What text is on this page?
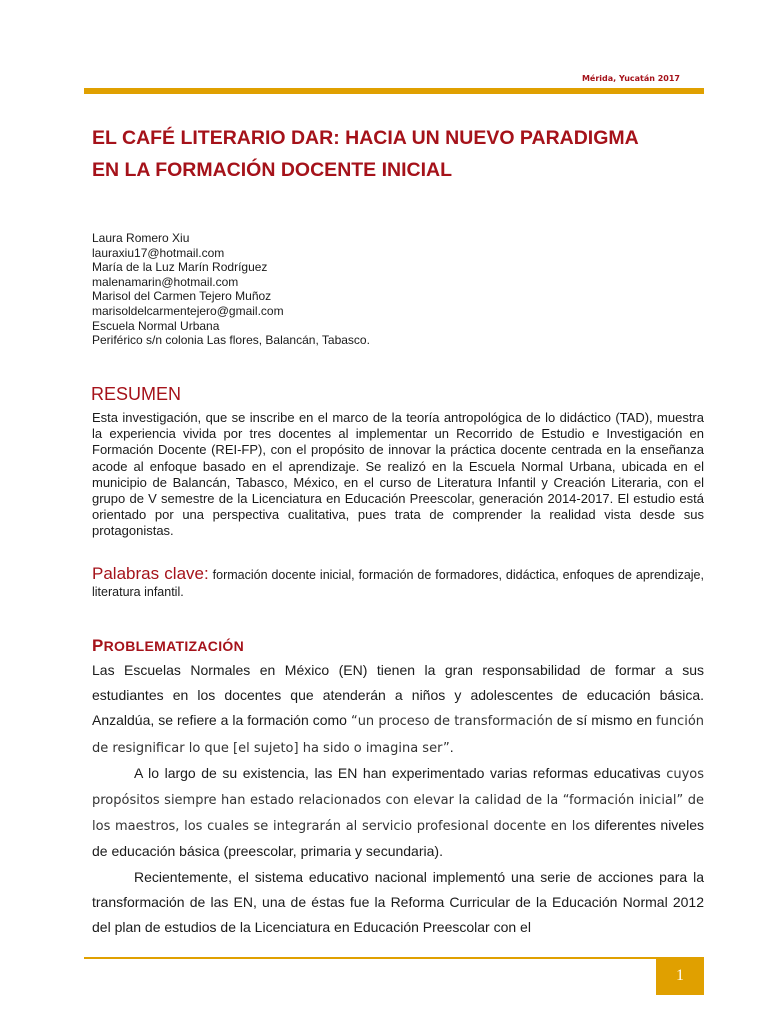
Mérida, Yucatán 2017
EL CAFÉ LITERARIO DAR: HACIA UN NUEVO PARADIGMA
EN LA FORMACIÓN DOCENTE INICIAL
Laura Romero Xiu
lauraxiu17@hotmail.com
María de la Luz Marín Rodríguez
malenamarin@hotmail.com
Marisol del Carmen Tejero Muñoz
marisoldelcarmentejero@gmail.com
Escuela Normal Urbana
Periférico s/n colonia Las flores, Balancán, Tabasco.
RESUMEN
Esta investigación, que se inscribe en el marco de la teoría antropológica de lo didáctico (TAD), muestra la experiencia vivida por tres docentes al implementar un Recorrido de Estudio e Investigación en Formación Docente (REI-FP), con el propósito de innovar la práctica docente centrada en la enseñanza acode al enfoque basado en el aprendizaje. Se realizó en la Escuela Normal Urbana, ubicada en el municipio de Balancán, Tabasco, México, en el curso de Literatura Infantil y Creación Literaria, con el grupo de V semestre de la Licenciatura en Educación Preescolar, generación 2014-2017. El estudio está orientado por una perspectiva cualitativa, pues trata de comprender la realidad vista desde sus protagonistas.
Palabras clave: formación docente inicial, formación de formadores, didáctica, enfoques de aprendizaje, literatura infantil.
PROBLEMATIZACIÓN

Las Escuelas Normales en México (EN) tienen la gran responsabilidad de formar a sus estudiantes en los docentes que atenderán a niños y adolescentes de educación básica. Anzaldúa, se refiere a la formación como “un proceso de transformación de sí mismo en función de resignificar lo que [el sujeto] ha sido o imagina ser”.

A lo largo de su existencia, las EN han experimentado varias reformas educativas cuyos propósitos siempre han estado relacionados con elevar la calidad de la “formación inicial” de los maestros, los cuales se integrarán al servicio profesional docente en los diferentes niveles de educación básica (preescolar, primaria y secundaria).

Recientemente, el sistema educativo nacional implementó una serie de acciones para la transformación de las EN, una de éstas fue la Reforma Curricular de la Educación Normal 2012 del plan de estudios de la Licenciatura en Educación Preescolar con el

1
